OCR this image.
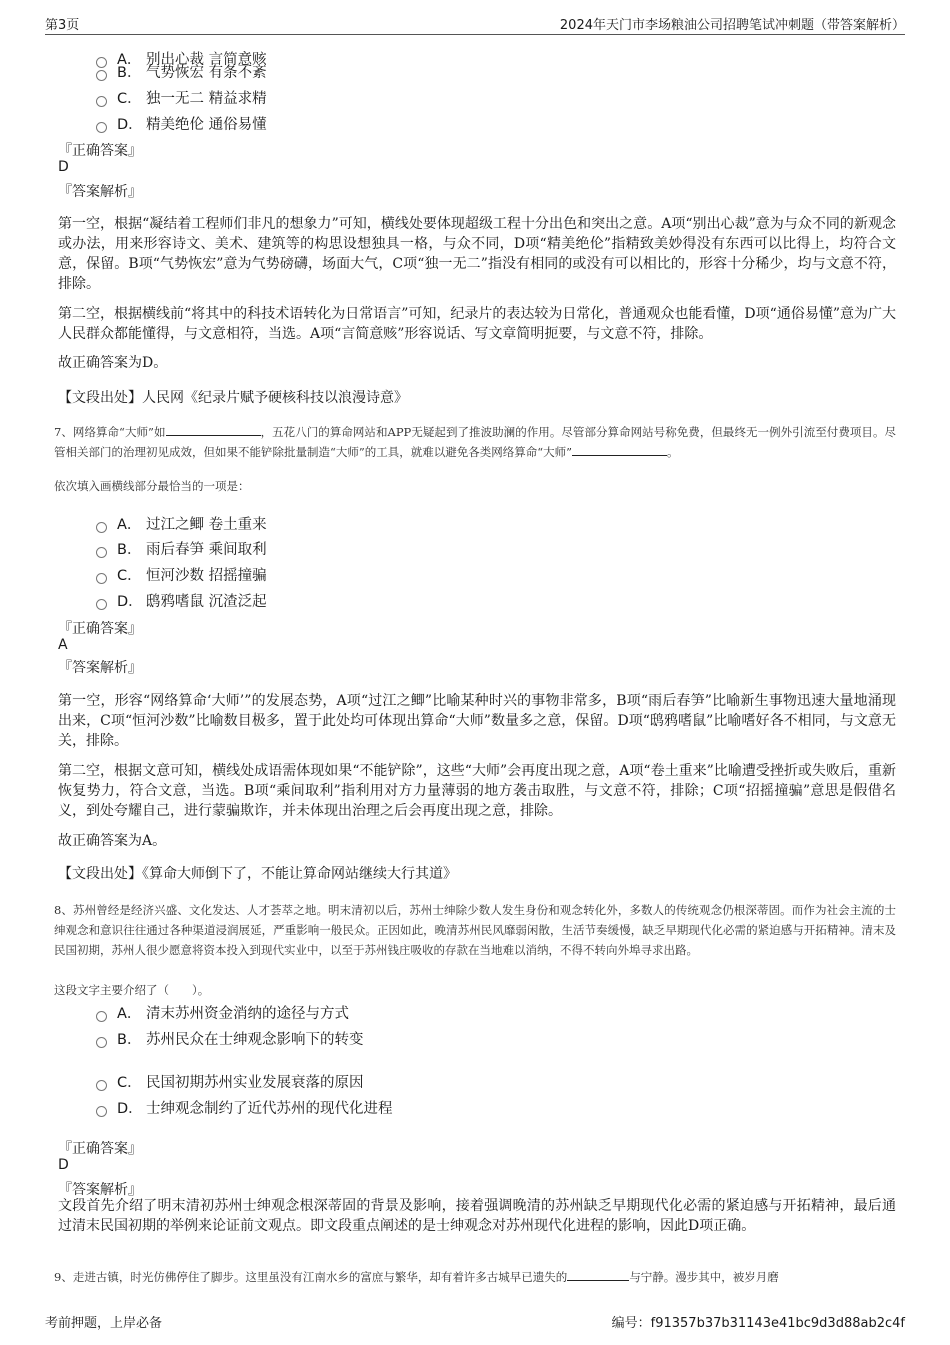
第3页	2024年天门市李场粮油公司招聘笔试冲刺题（带答案解析）
A． 别出心裁 言简意赅
B． 气势恢宏 有条不紊
C． 独一无二 精益求精
D． 精美绝伦 通俗易懂
『正确答案』
D
『答案解析』
第一空，根据“凝结着工程师们非凡的想象力”可知，横线处要体现超级工程十分出色和突出之意。A项“别出心裁”意为与众不同的新观念或办法，用来形容诗文、美术、建筑等的构思设想独具一格，与众不同，D项“精美绝伦”指精致美妙得没有东西可以比得上，均符合文意，保留。B项“气势恢宏”意为气势磅礴，场面大气，C项“独一无二”指没有相同的或没有可以相比的，形容十分稀少，均与文意不符，排除。
第二空，根据横线前“将其中的科技术语转化为日常语言”可知，纪录片的表达较为日常化，普通观众也能看懂，D项“通俗易懂”意为广大人民群众都能懂得，与文意相符，当选。A项“言简意赅”形容说话、写文章简明扼要，与文意不符，排除。
故正确答案为D。
【文段出处】人民网《纪录片赋予硬核科技以浪漫诗意》
7、网络算命“大师”如	，五花八门的算命网站和APP无疑起到了推波助澜的作用。尽管部分算命网站号称免费，但最终无一例外引流至付费项目。尽管相关部门的治理初见成效，但如果不能铲除批量制造“大师”的工具，就难以避免各类网络算命“大师”	。
依次填入画横线部分最恰当的一项是：
A． 过江之鲫 卷土重来
B． 雨后春笋 乘间取利
C． 恒河沙数 招摇撞骗
D． 鸱鸦嗜鼠 沉渣泛起
『正确答案』
A
『答案解析』
第一空，形容“网络算命‘大师’”的发展态势，A项“过江之鲫”比喻某种时兴的事物非常多，B项“雨后春笋”比喻新生事物迅速大量地涌现出来，C项“恒河沙数”比喻数目极多，置于此处均可体现出算命“大师”数量多之意，保留。D项“鸱鸦嗜鼠”比喻嗜好各不相同，与文意无关，排除。
第二空，根据文意可知，横线处成语需体现如果“不能铲除”，这些“大师”会再度出现之意，A项“卷土重来”比喻遭受挫折或失败后，重新恢复势力，符合文意，当选。B项“乘间取利”指利用对方力量薄弱的地方袭击取胜，与文意不符，排除；C项“招摇撞骗”意思是假借名义，到处夸耀自己，进行蒙骗欺诈，并未体现出治理之后会再度出现之意，排除。
故正确答案为A。
【文段出处】《算命大师倒下了，不能让算命网站继续大行其道》
8、苏州曾经是经济兴盛、文化发达、人才荟萃之地。明末清初以后，苏州士绅除少数人发生身份和观念转化外，多数人的传统观念仍根深蒂固。而作为社会主流的士绅观念和意识往往通过各种渠道浸润展延，严重影响一般民众。正因如此，晚清苏州民风靡弱闲散，生活节奏缓慢，缺乏早期现代化必需的紧迫感与开拓精神。清末及民国初期，苏州人很少愿意将资本投入到现代实业中，以至于苏州钱庄吸收的存款在当地难以消纳，不得不转向外埠寻求出路。
这段文字主要介绍了（　　）。
A． 清末苏州资金消纳的途径与方式
B． 苏州民众在士绅观念影响下的转变
C． 民国初期苏州实业发展衰落的原因
D． 士绅观念制约了近代苏州的现代化进程
『正确答案』
D
『答案解析』
文段首先介绍了明末清初苏州士绅观念根深蒂固的背景及影响，接着强调晚清的苏州缺乏早期现代化必需的紧迫感与开拓精神，最后通过清末民国初期的举例来论证前文观点。即文段重点阐述的是士绅观念对苏州现代化进程的影响，因此D项正确。
9、走进古镇，时光仿佛停住了脚步。这里虽没有江南水乡的富庶与繁华，却有着许多古城早已遗失的	与宁静。漫步其中，被岁月磨
考前押题，上岸必备	编号：f91357b37b31143e41bc9d3d88ab2c4f
